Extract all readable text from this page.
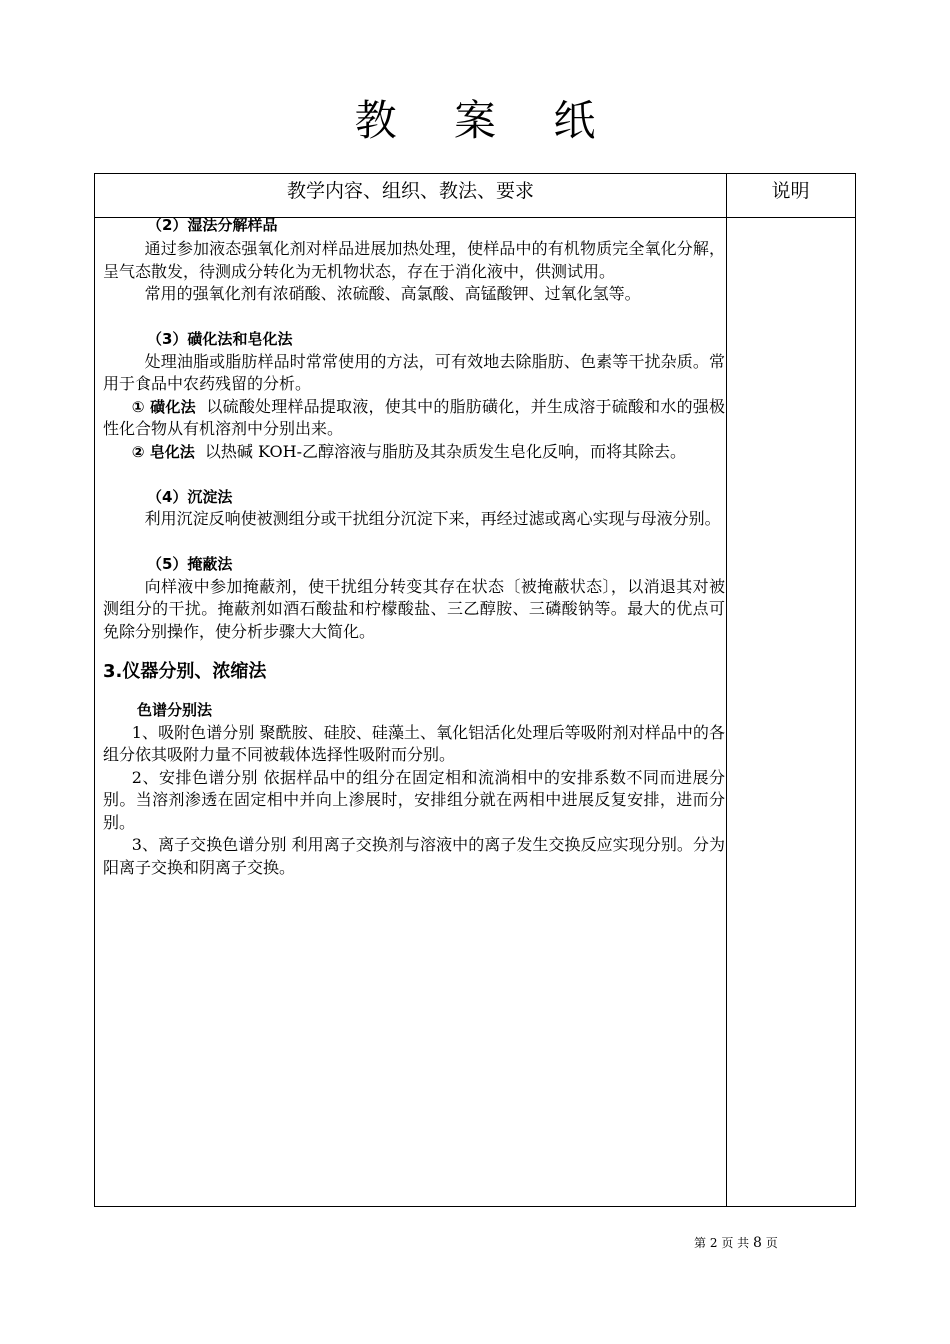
教 案 纸
教学内容、组织、教法、要求	说明

（2）湿法分解样品

通过参加液态强氧化剂对样品进展加热处理，使样品中的有机物质完全氧化分解，呈气态散发，待测成分转化为无机物状态，存在于消化液中，供测试用。

常用的强氧化剂有浓硝酸、浓硫酸、高氯酸、高锰酸钾、过氧化氢等。

（3）磺化法和皂化法

处理油脂或脂肪样品时常常使用的方法，可有效地去除脂肪、色素等干扰杂质。常用于食品中农药残留的分析。

① 磺化法 以硫酸处理样品提取液，使其中的脂肪磺化，并生成溶于硫酸和水的强极性化合物从有机溶剂中分别出来。

② 皂化法 以热碱 KOH-乙醇溶液与脂肪及其杂质发生皂化反响，而将其除去。

（4）沉淀法

利用沉淀反响使被测组分或干扰组分沉淀下来，再经过滤或离心实现与母液分别。

（5）掩蔽法

向样液中参加掩蔽剂，使干扰组分转变其存在状态〔被掩蔽状态〕，以消退其对被测组分的干扰。掩蔽剂如酒石酸盐和柠檬酸盐、三乙醇胺、三磷酸钠等。最大的优点可免除分别操作，使分析步骤大大简化。

3.仪器分别、浓缩法

色谱分别法

1、吸附色谱分别 聚酰胺、硅胶、硅藻土、氧化铝活化处理后等吸附剂对样品中的各组分依其吸附力量不同被载体选择性吸附而分别。

2、安排色谱分别 依据样品中的组分在固定相和流淌相中的安排系数不同而进展分别。当溶剂渗透在固定相中并向上渗展时，安排组分就在两相中进展反复安排，进而分别。

3、离子交换色谱分别 利用离子交换剂与溶液中的离子发生交换反应实现分别。分为阳离子交换和阴离子交换。

第 2 页 共 8 页
